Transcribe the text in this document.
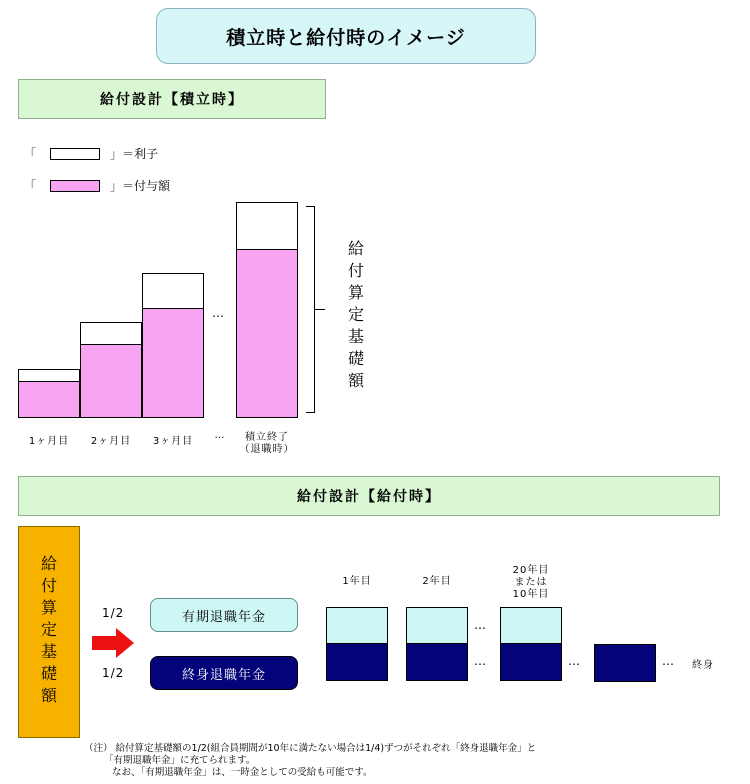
積立時と給付時のイメージ
給付設計【積立時】
「	」＝利子
「	」＝付与額
…
給
付
算
定
基
礎
額
1ヶ月目	2ヶ月目	3ヶ月目
…	積立終了
（退職時）
給付設計【給付時】
給
付
算
定
基
礎
額
1/2
1/2
有期退職年金
終身退職年金
1年目	2年目
20年目
または
10年目
…
…	…	… 終身
（注） 給付算定基礎額の1/2(組合員期間が10年に満たない場合は1/4)ずつがそれぞれ「終身退職年金」と
「有期退職年金」に充てられます。
なお、「有期退職年金」は、一時金としての受給も可能です。
